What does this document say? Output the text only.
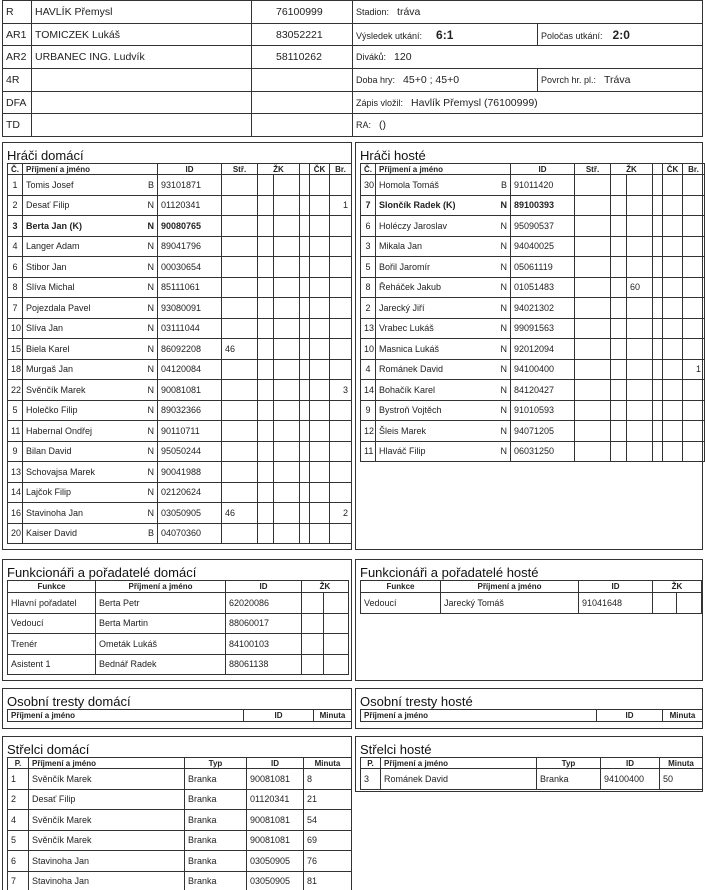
R	HAVLÍK Přemysl	76100999	Stadion: tráva	
AR1	TOMICZEK Lukáš	83052221	Výsledek utkání: 6:1	Poločas utkání: 2:0
AR2	URBANEC ING. Ludvík	58110262	Diváků: 120	
4R			Doba hry: 45+0 ; 45+0	Povrch hr. pl.: Tráva
DFA			Zápis vložil: Havlík Přemysl (76100999)	
TD			RA: ()	
Hráči domácí
Č.	Příjmení a jméno	ID	Stř.	ŽK			ČK	Br.
1	Tomis Josef B	93101871						
2	Desať Filip N	01120341						1
3	Berta Jan (K) N	90080765						
4	Langer Adam N	89041796						
6	Stibor Jan N	00030654						
8	Slíva Michal N	85111061						
7	Pojezdala Pavel N	93080091						
10	Slíva Jan N	03111044						
15	Biela Karel N	86092208	46					
18	Murgaš Jan N	04120084						
22	Svěnčík Marek N	90081081						3
5	Holečko Filip N	89032366						
11	Habernal Ondřej N	90110711						
9	Bilan David N	95050244						
13	Schovajsa Marek N	90041988						
14	Lajčok Filip N	02120624						
16	Stavinoha Jan N	03050905	46					2
20	Kaiser David B	04070360						
Hráči hosté
Č.	Příjmení a jméno	ID	Stř.	ŽK			ČK	Br.
30	Homola Tomáš B	91011420						
7	Slončík Radek (K) N	89100393						
6	Holéczy Jaroslav N	95090537						
3	Mikala Jan N	94040025						
5	Bořil Jaromír N	05061119						
8	Řeháček Jakub N	01051483			60			
2	Jarecký Jiří N	94021302						
13	Vrabec Lukáš N	99091563						
10	Masnica Lukáš N	92012094						
4	Románek David N	94100400						1
14	Bohačík Karel N	84120427						
9	Bystroň Vojtěch N	91010593						
12	Šleis Marek N	94071205						
11	Hlaváč Filip N	06031250						
Funkcionáři a pořadatelé domácí
Funkce	Příjmení a jméno	ID	ŽK	
Hlavní pořadatel	Berta Petr	62020086		
Vedoucí	Berta Martin	88060017		
Trenér	Ometák Lukáš	84100103		
Asistent 1	Bednář Radek	88061138		
Funkcionáři a pořadatelé hosté
Funkce	Příjmení a jméno	ID	ŽK	
Vedoucí	Jarecký Tomáš	91041648		
Osobní tresty domácí
Příjmení a jméno	ID	Minuta
Osobní tresty hosté
Příjmení a jméno	ID	Minuta
Střelci domácí
P.	Příjmení a jméno	Typ	ID	Minuta
1	Svěnčík Marek	Branka	90081081	8
2	Desať Filip	Branka	01120341	21
4	Svěnčík Marek	Branka	90081081	54
5	Svěnčík Marek	Branka	90081081	69
6	Stavinoha Jan	Branka	03050905	76
7	Stavinoha Jan	Branka	03050905	81
Střelci hosté
P.	Příjmení a jméno	Typ	ID	Minuta
3	Románek David	Branka	94100400	50
